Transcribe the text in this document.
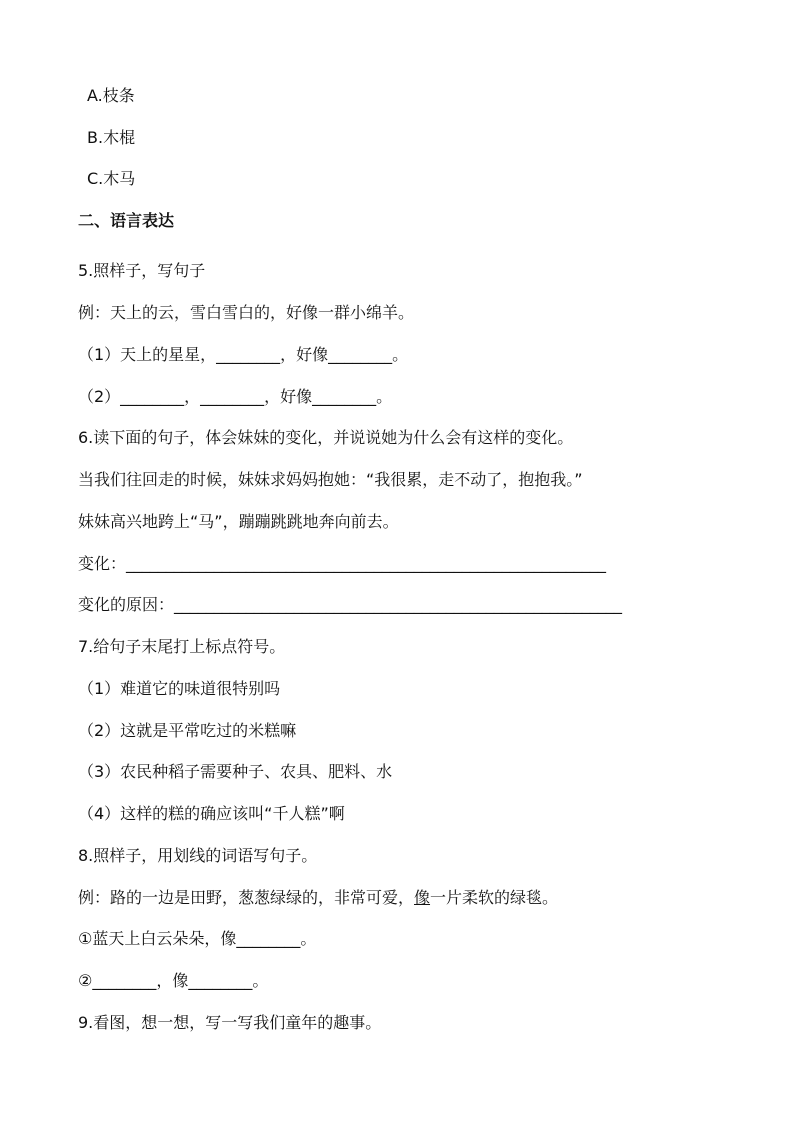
A.枝条
B.木棍
C.木马
二、语言表达
5.照样子，写句子
例：天上的云，雪白雪白的，好像一群小绵羊。
（1）天上的星星，________，好像________。
（2）________，________，好像________。
6.读下面的句子，体会妹妹的变化，并说说她为什么会有这样的变化。
当我们往回走的时候，妹妹求妈妈抱她：“我很累，走不动了，抱抱我。”
妹妹高兴地跨上“马”，蹦蹦跳跳地奔向前去。
变化：____________________________________________________________
变化的原因：________________________________________________________
7.给句子末尾打上标点符号。
（1）难道它的味道很特别吗
（2）这就是平常吃过的米糕嘛
（3）农民种稻子需要种子、农具、肥料、水
（4）这样的糕的确应该叫“千人糕”啊
8.照样子，用划线的词语写句子。
例：路的一边是田野，葱葱绿绿的，非常可爱，像一片柔软的绿毯。
①蓝天上白云朵朵，像________。
②________，像________。
9.看图，想一想，写一写我们童年的趣事。
